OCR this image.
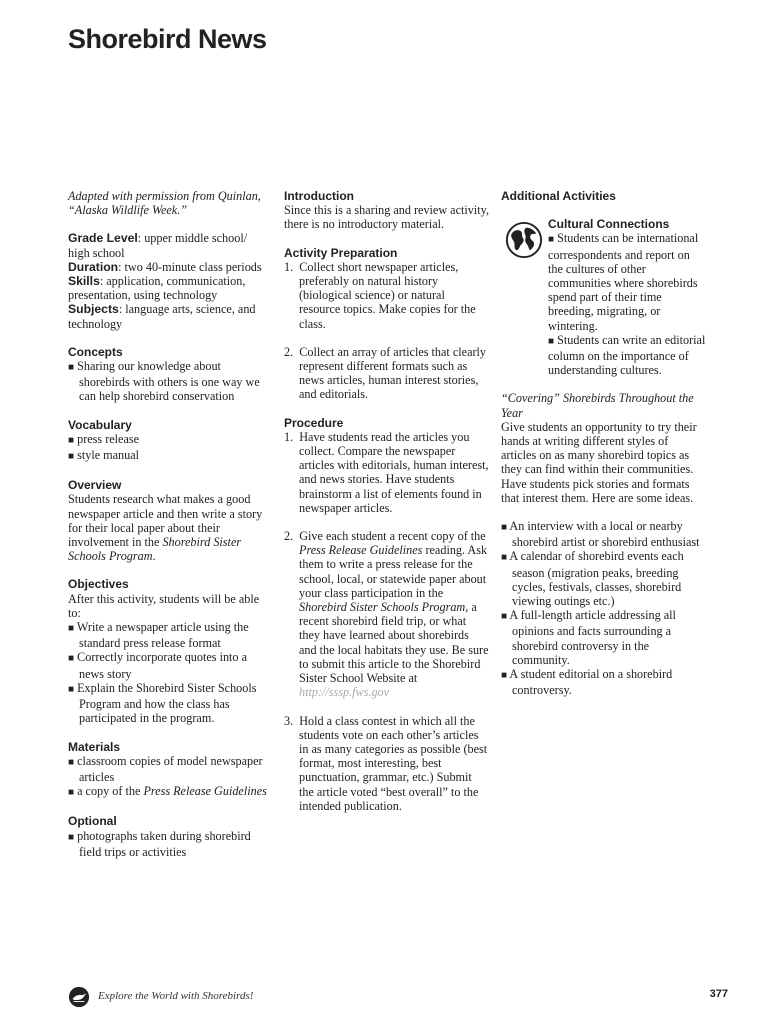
Shorebird News

Adapted with permission from Quinlan, “Alaska Wildlife Week.”

Grade Level: upper middle school/ high school

Duration: two 40-minute class periods

Skills: application, communication, presentation, using technology

Subjects: language arts, science, and technology

Concepts

■ Sharing our knowledge about shorebirds with others is one way we can help shorebird conservation

Vocabulary

■ press release

■ style manual

Overview

Students research what makes a good newspaper article and then write a story for their local paper about their involvement in the Shorebird Sister Schools Program.

Objectives

After this activity, students will be able to:

■ Write a newspaper article using the standard press release format

■ Correctly incorporate quotes into a news story

■ Explain the Shorebird Sister Schools Program and how the class has participated in the program.

Materials

■ classroom copies of model newspaper articles

■ a copy of the Press Release Guidelines

Optional

■ photographs taken during shorebird field trips or activities

Introduction

Since this is a sharing and review activity, there is no introductory material.

Activity Preparation

1.  Collect short newspaper articles, preferably on natural history (biological science) or natural resource topics. Make copies for the class.

2.  Collect an array of articles that clearly represent different formats such as news articles, human interest stories, and editorials.

Procedure

1.  Have students read the articles you collect. Compare the newspaper articles with editorials, human interest, and news stories. Have students brainstorm a list of elements found in newspaper articles.

2.  Give each student a recent copy of the Press Release Guidelines reading. Ask them to write a press release for the school, local, or statewide paper about your class participation in the Shorebird Sister Schools Program, a recent shorebird field trip, or what they have learned about shorebirds and the local habitats they use. Be sure to submit this article to the Shorebird Sister School Website at http://sssp.fws.gov

3.  Hold a class contest in which all the students vote on each other’s articles in as many categories as possible (best format, most interesting, best punctuation, grammar, etc.) Submit the article voted “best overall” to the intended publication.

Additional Activities

Cultural Connections

■ Students can be international correspondents and report on the cultures of other communities where shorebirds spend part of their time breeding, migrating, or wintering.

■ Students can write an editorial column on the importance of understanding cultures.

“Covering” Shorebirds Throughout the Year

Give students an opportunity to try their hands at writing different styles of articles on as many shorebird topics as they can find within their communities. Have students pick stories and formats that interest them. Here are some ideas.

■ An interview with a local or nearby shorebird artist or shorebird enthusiast

■ A calendar of shorebird events each season (migration peaks, breeding cycles, festivals, classes, shorebird viewing outings etc.)

■ A full-length article addressing all opinions and facts surrounding a shorebird controversy in the community.

■ A student editorial on a shorebird controversy.

Explore the World with Shorebirds!	377
